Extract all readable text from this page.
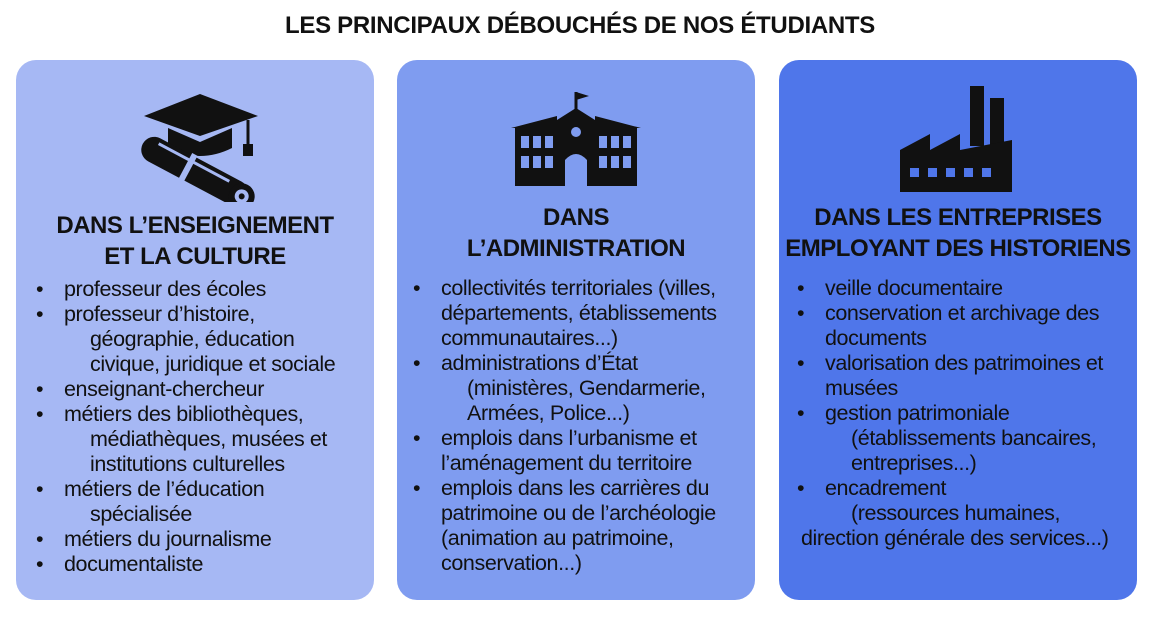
LES PRINCIPAUX DÉBOUCHÉS DE NOS ÉTUDIANTS
DANS L’ENSEIGNEMENT
ET LA CULTURE
• professeur des écoles
• professeur d’histoire,
géographie, éducation
civique, juridique et sociale
• enseignant-chercheur
• métiers des bibliothèques,
médiathèques, musées et
institutions culturelles
• métiers de l’éducation
spécialisée
• métiers du journalisme
• documentaliste
DANS
L’ADMINISTRATION
• collectivités territoriales (villes,
départements, établissements
communautaires...)
• administrations d’État
(ministères, Gendarmerie,
Armées, Police...)
• emplois dans l’urbanisme et
l’aménagement du territoire
• emplois dans les carrières du
patrimoine ou de l’archéologie
(animation au patrimoine,
conservation...)
DANS LES ENTREPRISES
EMPLOYANT DES HISTORIENS
• veille documentaire
• conservation et archivage des
documents
• valorisation des patrimoines et
musées
• gestion patrimoniale
(établissements bancaires,
entreprises...)
• encadrement
(ressources humaines,
direction générale des services...)
